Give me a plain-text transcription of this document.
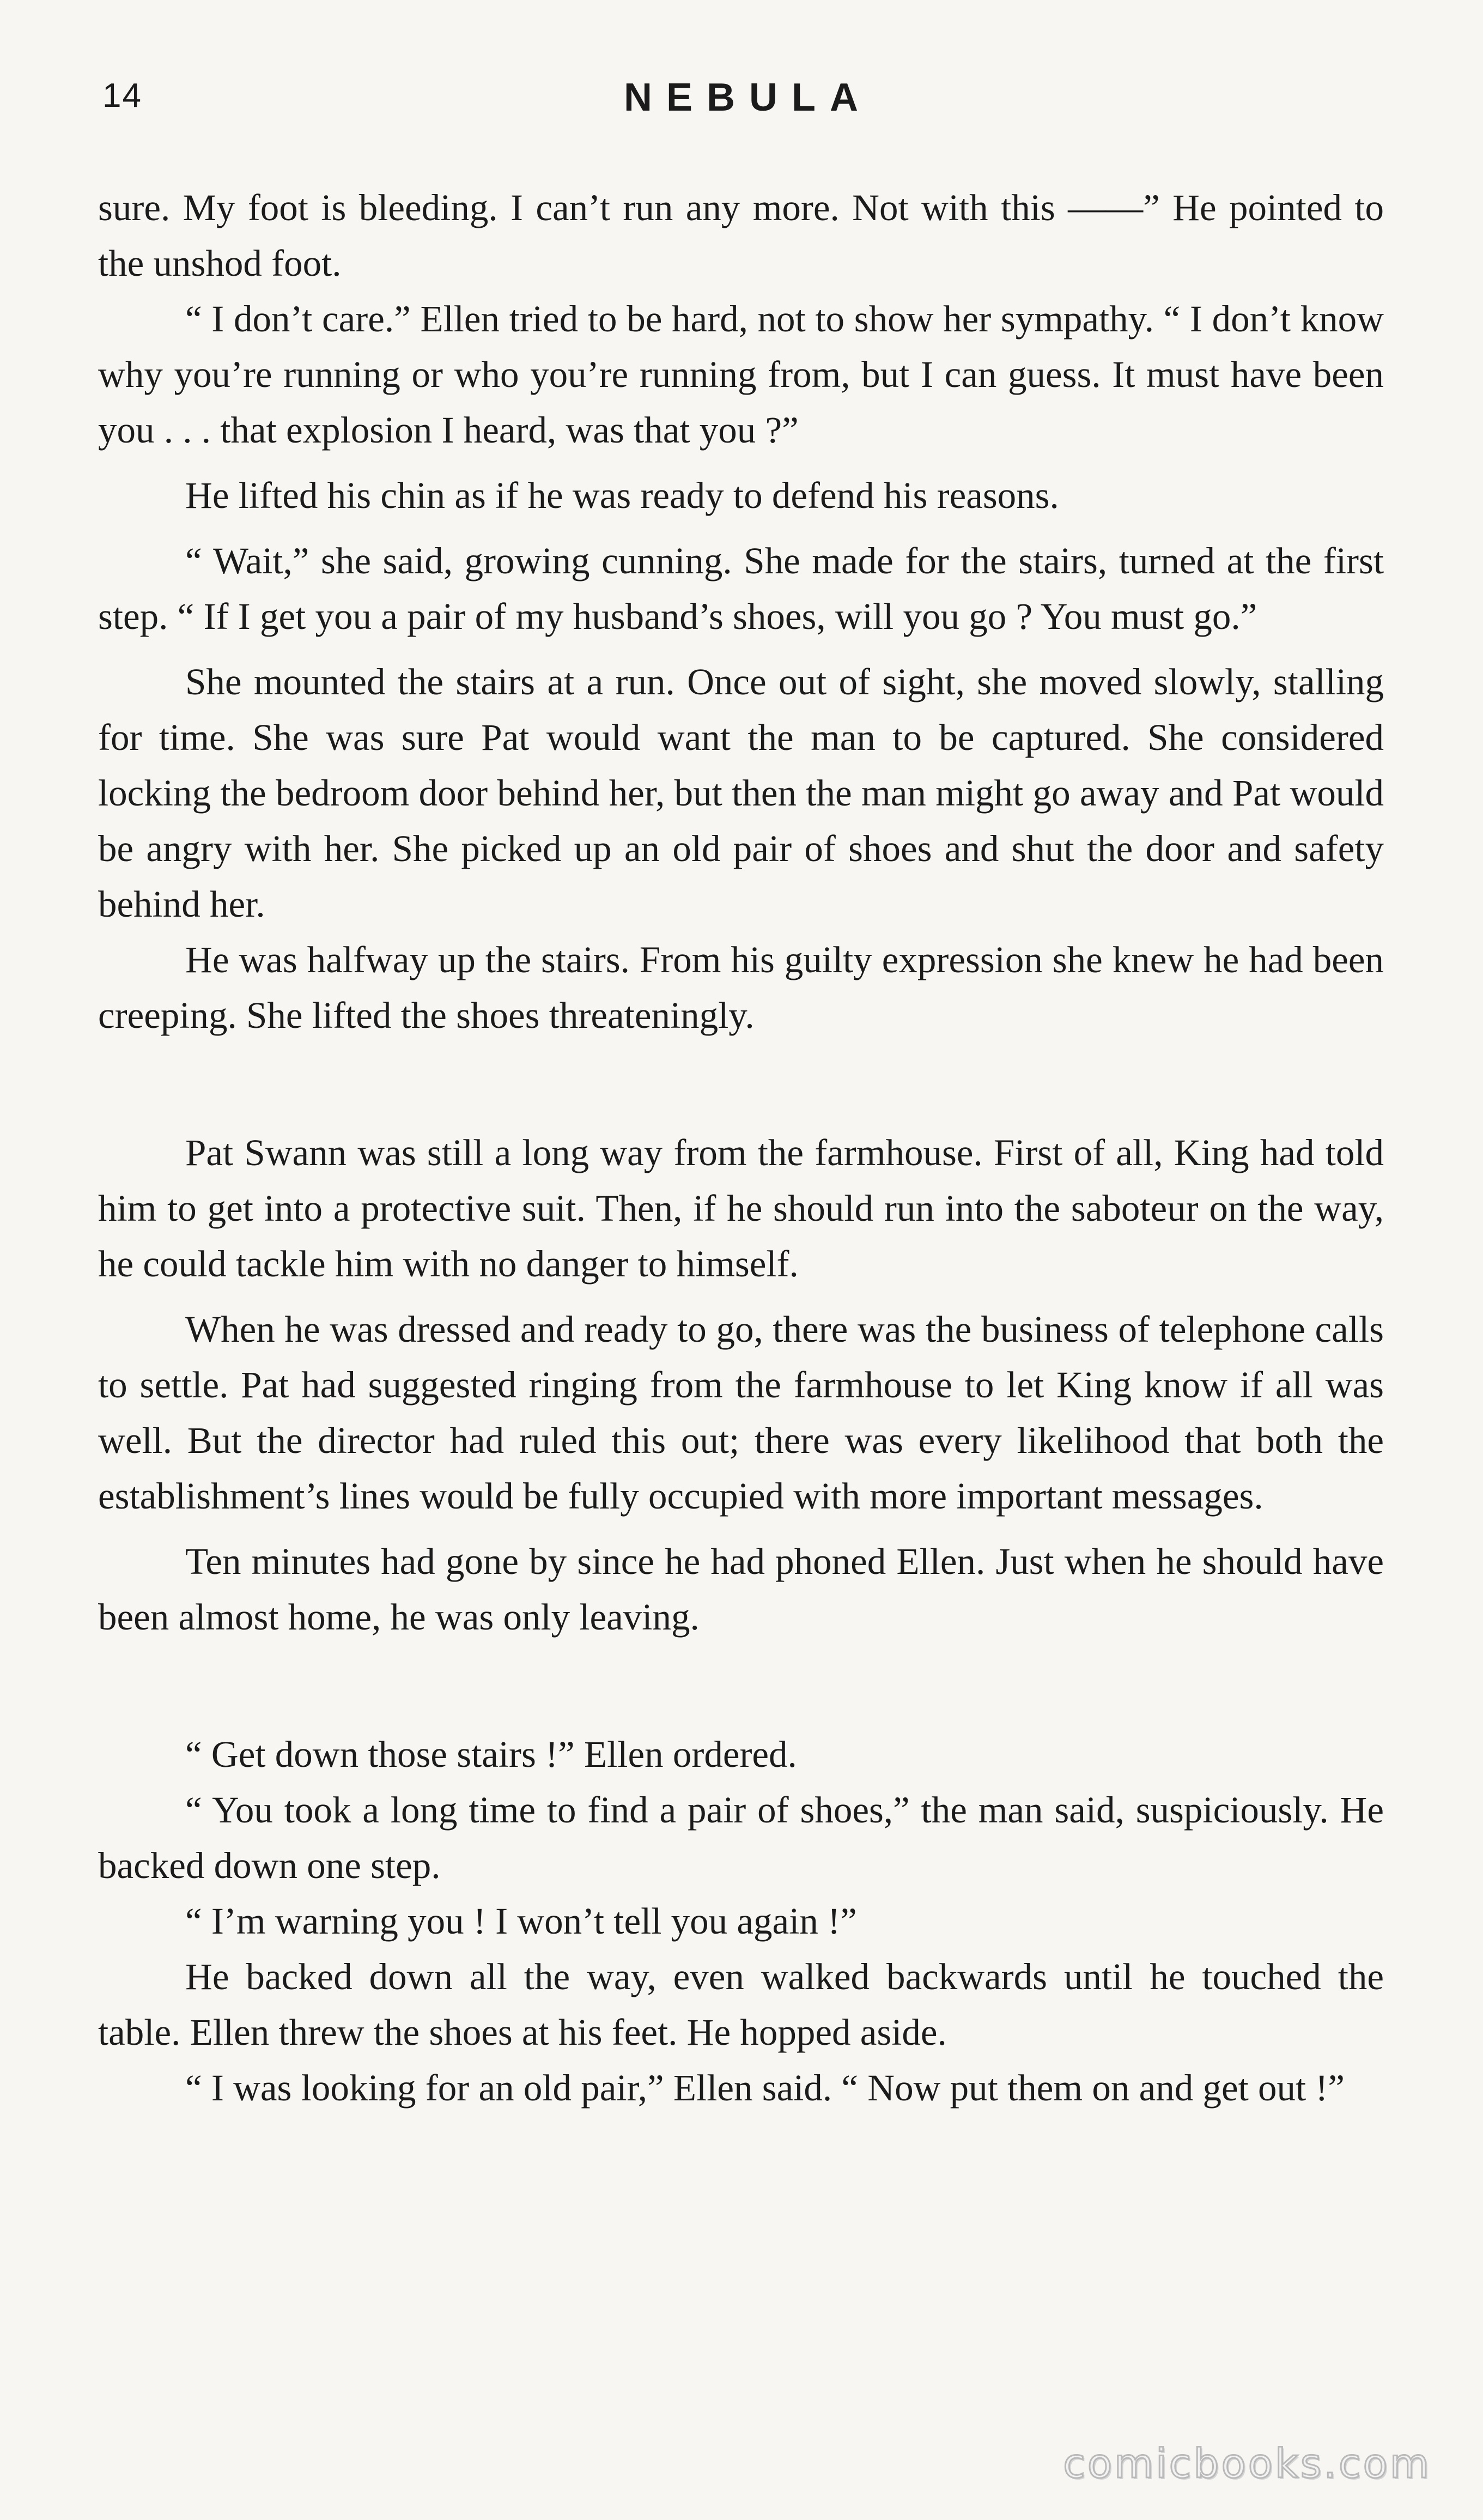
14	NEBULA

sure. My foot is bleeding. I can’t run any more. Not with this ——” He pointed to the unshod foot.

“ I don’t care.” Ellen tried to be hard, not to show her sympathy. “ I don’t know why you’re running or who you’re running from, but I can guess. It must have been you . . . that explosion I heard, was that you ?”

He lifted his chin as if he was ready to defend his reasons.

“ Wait,” she said, growing cunning. She made for the stairs, turned at the first step. “ If I get you a pair of my husband’s shoes, will you go ? You must go.”

She mounted the stairs at a run. Once out of sight, she moved slowly, stalling for time. She was sure Pat would want the man to be captured. She considered locking the bedroom door behind her, but then the man might go away and Pat would be angry with her. She picked up an old pair of shoes and shut the door and safety behind her.

He was halfway up the stairs. From his guilty expression she knew he had been creeping. She lifted the shoes threateningly.

Pat Swann was still a long way from the farmhouse. First of all, King had told him to get into a protective suit. Then, if he should run into the saboteur on the way, he could tackle him with no danger to himself.

When he was dressed and ready to go, there was the business of telephone calls to settle. Pat had suggested ringing from the farmhouse to let King know if all was well. But the director had ruled this out; there was every likelihood that both the establishment’s lines would be fully occupied with more important messages.

Ten minutes had gone by since he had phoned Ellen. Just when he should have been almost home, he was only leaving.

“ Get down those stairs !” Ellen ordered.

“ You took a long time to find a pair of shoes,” the man said, suspiciously. He backed down one step.

“ I’m warning you ! I won’t tell you again !”

He backed down all the way, even walked backwards until he touched the table. Ellen threw the shoes at his feet. He hopped aside.

“ I was looking for an old pair,” Ellen said. “ Now put them on and get out !”

comicbooks.com
